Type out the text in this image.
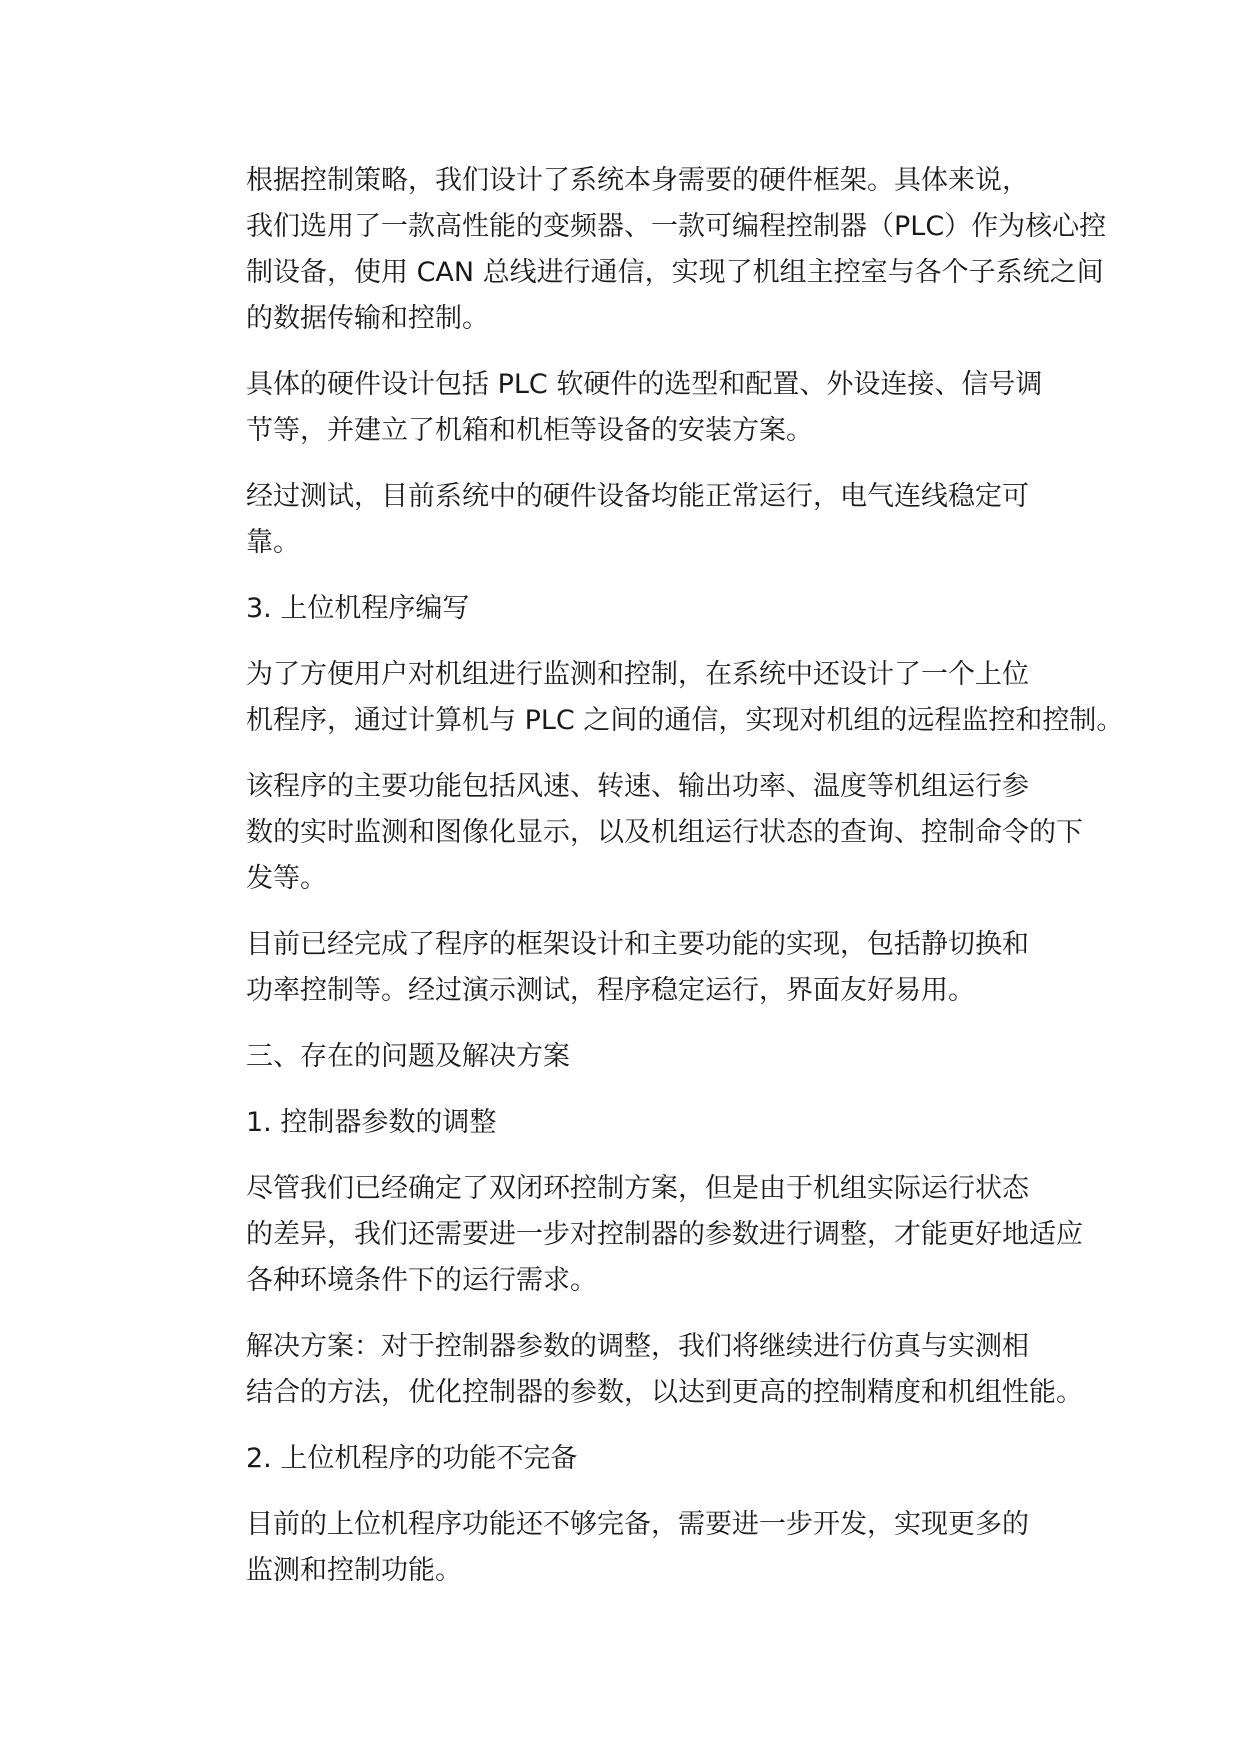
根据控制策略，我们设计了系统本身需要的硬件框架。具体来说，
我们选用了一款高性能的变频器、一款可编程控制器（PLC）作为核心控
制设备，使用 CAN 总线进行通信，实现了机组主控室与各个子系统之间
的数据传输和控制。

具体的硬件设计包括 PLC 软硬件的选型和配置、外设连接、信号调
节等，并建立了机箱和机柜等设备的安装方案。

经过测试，目前系统中的硬件设备均能正常运行，电气连线稳定可
靠。

3. 上位机程序编写

为了方便用户对机组进行监测和控制，在系统中还设计了一个上位
机程序，通过计算机与 PLC 之间的通信，实现对机组的远程监控和控制。

该程序的主要功能包括风速、转速、输出功率、温度等机组运行参
数的实时监测和图像化显示，以及机组运行状态的查询、控制命令的下
发等。

目前已经完成了程序的框架设计和主要功能的实现，包括静切换和
功率控制等。经过演示测试，程序稳定运行，界面友好易用。

三、存在的问题及解决方案

1. 控制器参数的调整

尽管我们已经确定了双闭环控制方案，但是由于机组实际运行状态
的差异，我们还需要进一步对控制器的参数进行调整，才能更好地适应
各种环境条件下的运行需求。

解决方案：对于控制器参数的调整，我们将继续进行仿真与实测相
结合的方法，优化控制器的参数，以达到更高的控制精度和机组性能。

2. 上位机程序的功能不完备

目前的上位机程序功能还不够完备，需要进一步开发，实现更多的
监测和控制功能。
